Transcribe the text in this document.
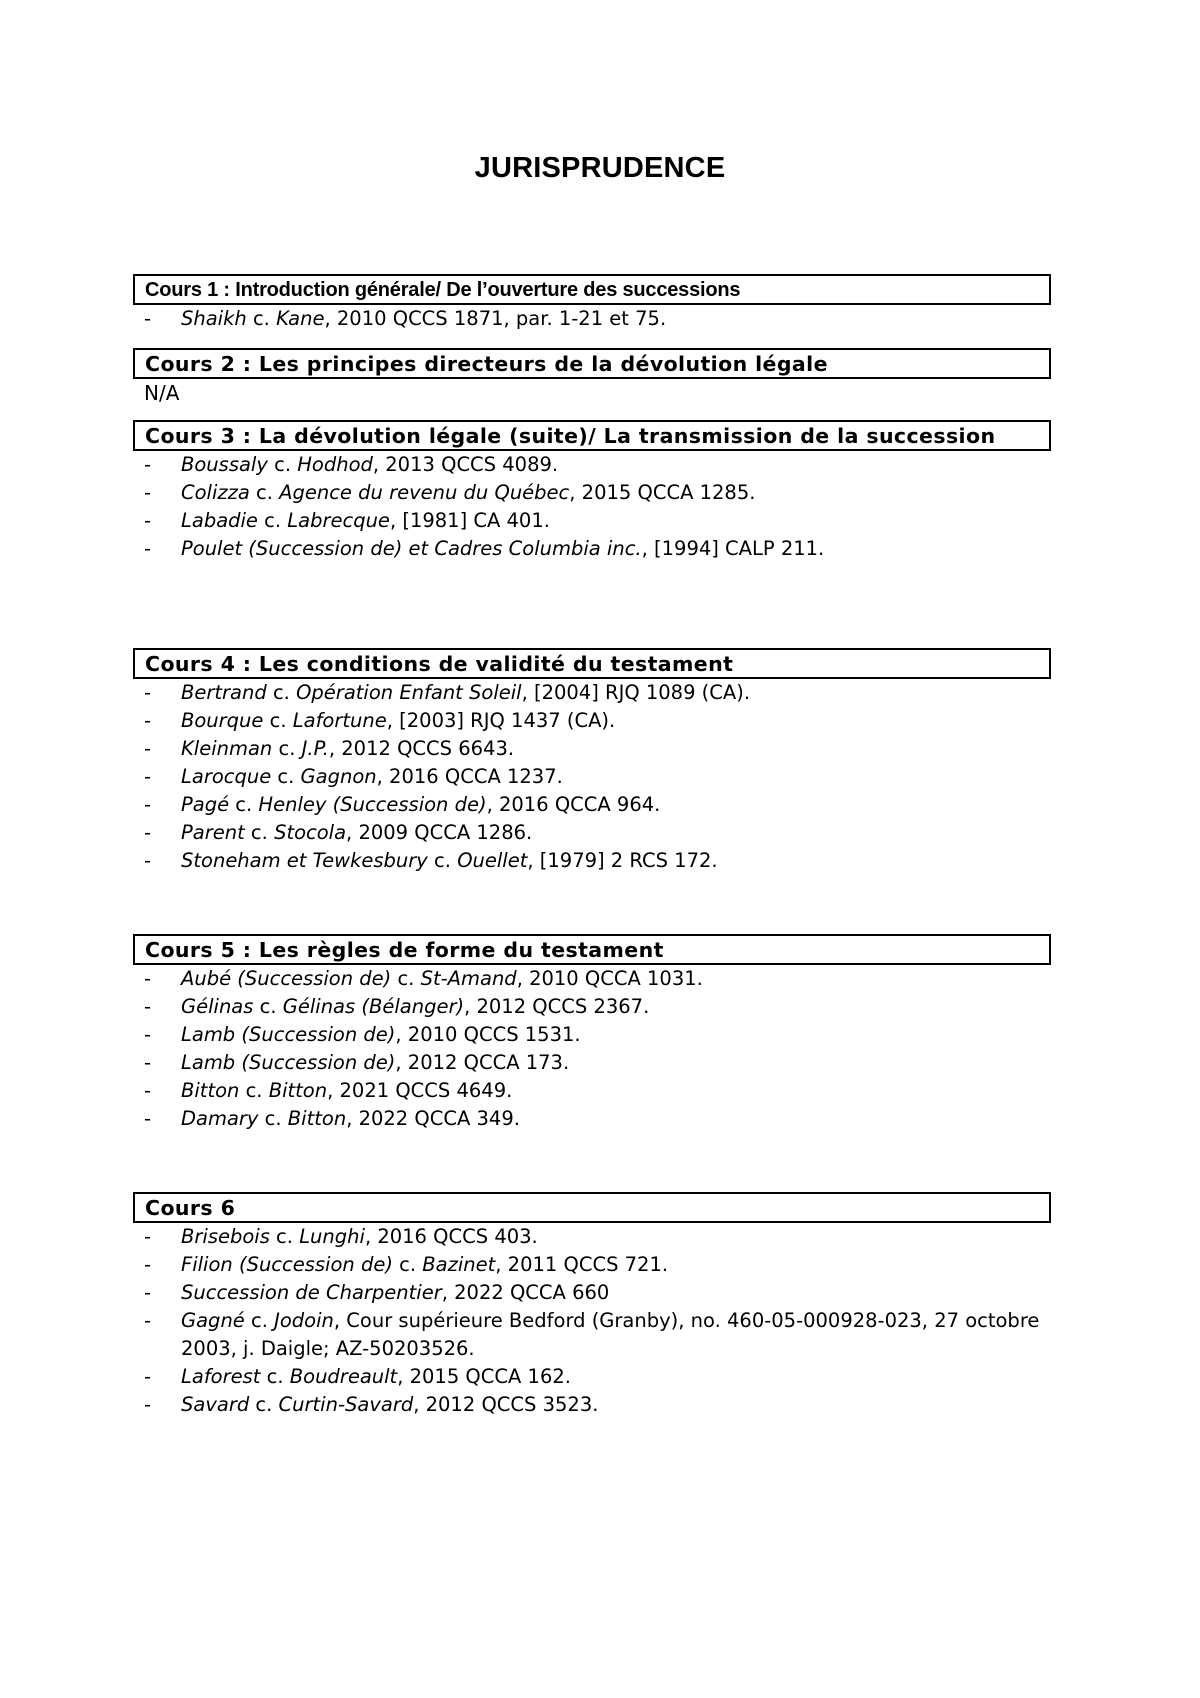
JURISPRUDENCE
Cours 1 : Introduction générale/ De l’ouverture des successions
- Shaikh c. Kane, 2010 QCCS 1871, par. 1-21 et 75.
Cours 2 : Les principes directeurs de la dévolution légale
N/A
Cours 3 : La dévolution légale (suite)/ La transmission de la succession
- Boussaly c. Hodhod, 2013 QCCS 4089.
- Colizza c. Agence du revenu du Québec, 2015 QCCA 1285.
- Labadie c. Labrecque, [1981] CA 401.
- Poulet (Succession de) et Cadres Columbia inc., [1994] CALP 211.
Cours 4 : Les conditions de validité du testament
- Bertrand c. Opération Enfant Soleil, [2004] RJQ 1089 (CA).
- Bourque c. Lafortune, [2003] RJQ 1437 (CA).
- Kleinman c. J.P., 2012 QCCS 6643.
- Larocque c. Gagnon, 2016 QCCA 1237.
- Pagé c. Henley (Succession de), 2016 QCCA 964.
- Parent c. Stocola, 2009 QCCA 1286.
- Stoneham et Tewkesbury c. Ouellet, [1979] 2 RCS 172.
Cours 5 : Les règles de forme du testament
- Aubé (Succession de) c. St-Amand, 2010 QCCA 1031.
- Gélinas c. Gélinas (Bélanger), 2012 QCCS 2367.
- Lamb (Succession de), 2010 QCCS 1531.
- Lamb (Succession de), 2012 QCCA 173.
- Bitton c. Bitton, 2021 QCCS 4649.
- Damary c. Bitton, 2022 QCCA 349.
Cours 6
- Brisebois c. Lunghi, 2016 QCCS 403.
- Filion (Succession de) c. Bazinet, 2011 QCCS 721.
- Succession de Charpentier, 2022 QCCA 660
- Gagné c. Jodoin, Cour supérieure Bedford (Granby), no. 460-05-000928-023, 27 octobre 2003, j. Daigle; AZ-50203526.
- Laforest c. Boudreault, 2015 QCCA 162.
- Savard c. Curtin-Savard, 2012 QCCS 3523.
